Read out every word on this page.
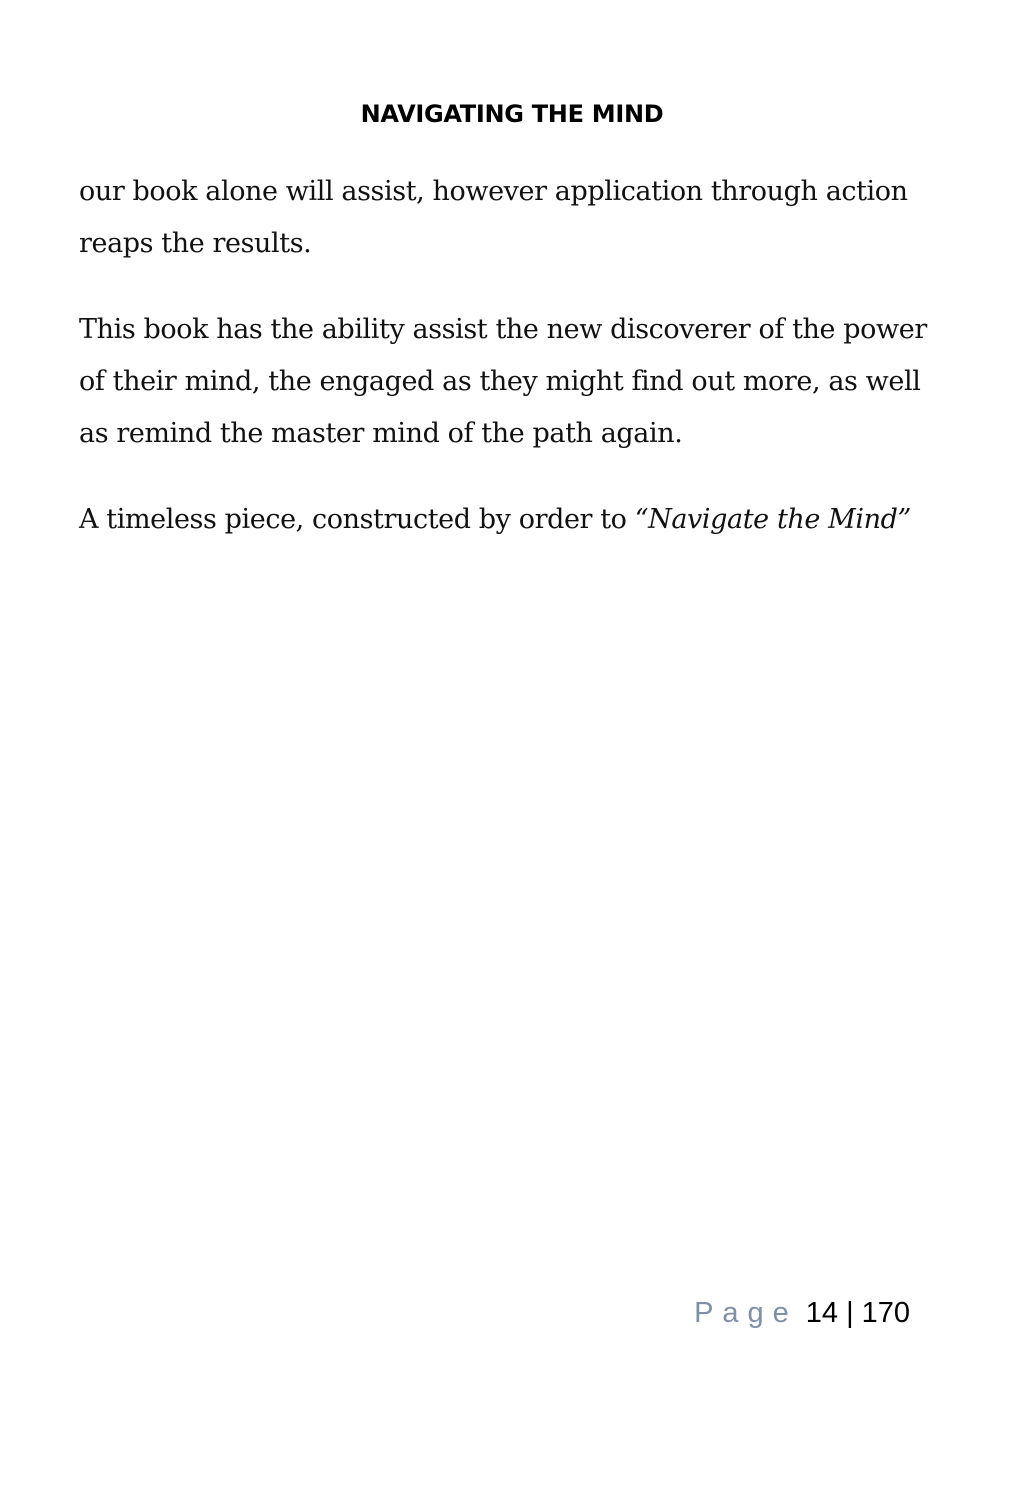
NAVIGATING THE MIND

our book alone will assist, however application through action reaps the results.

This book has the ability assist the new discoverer of the power of their mind, the engaged as they might find out more, as well as remind the master mind of the path again.

A timeless piece, constructed by order to “Navigate the Mind”

Page 14 | 170
